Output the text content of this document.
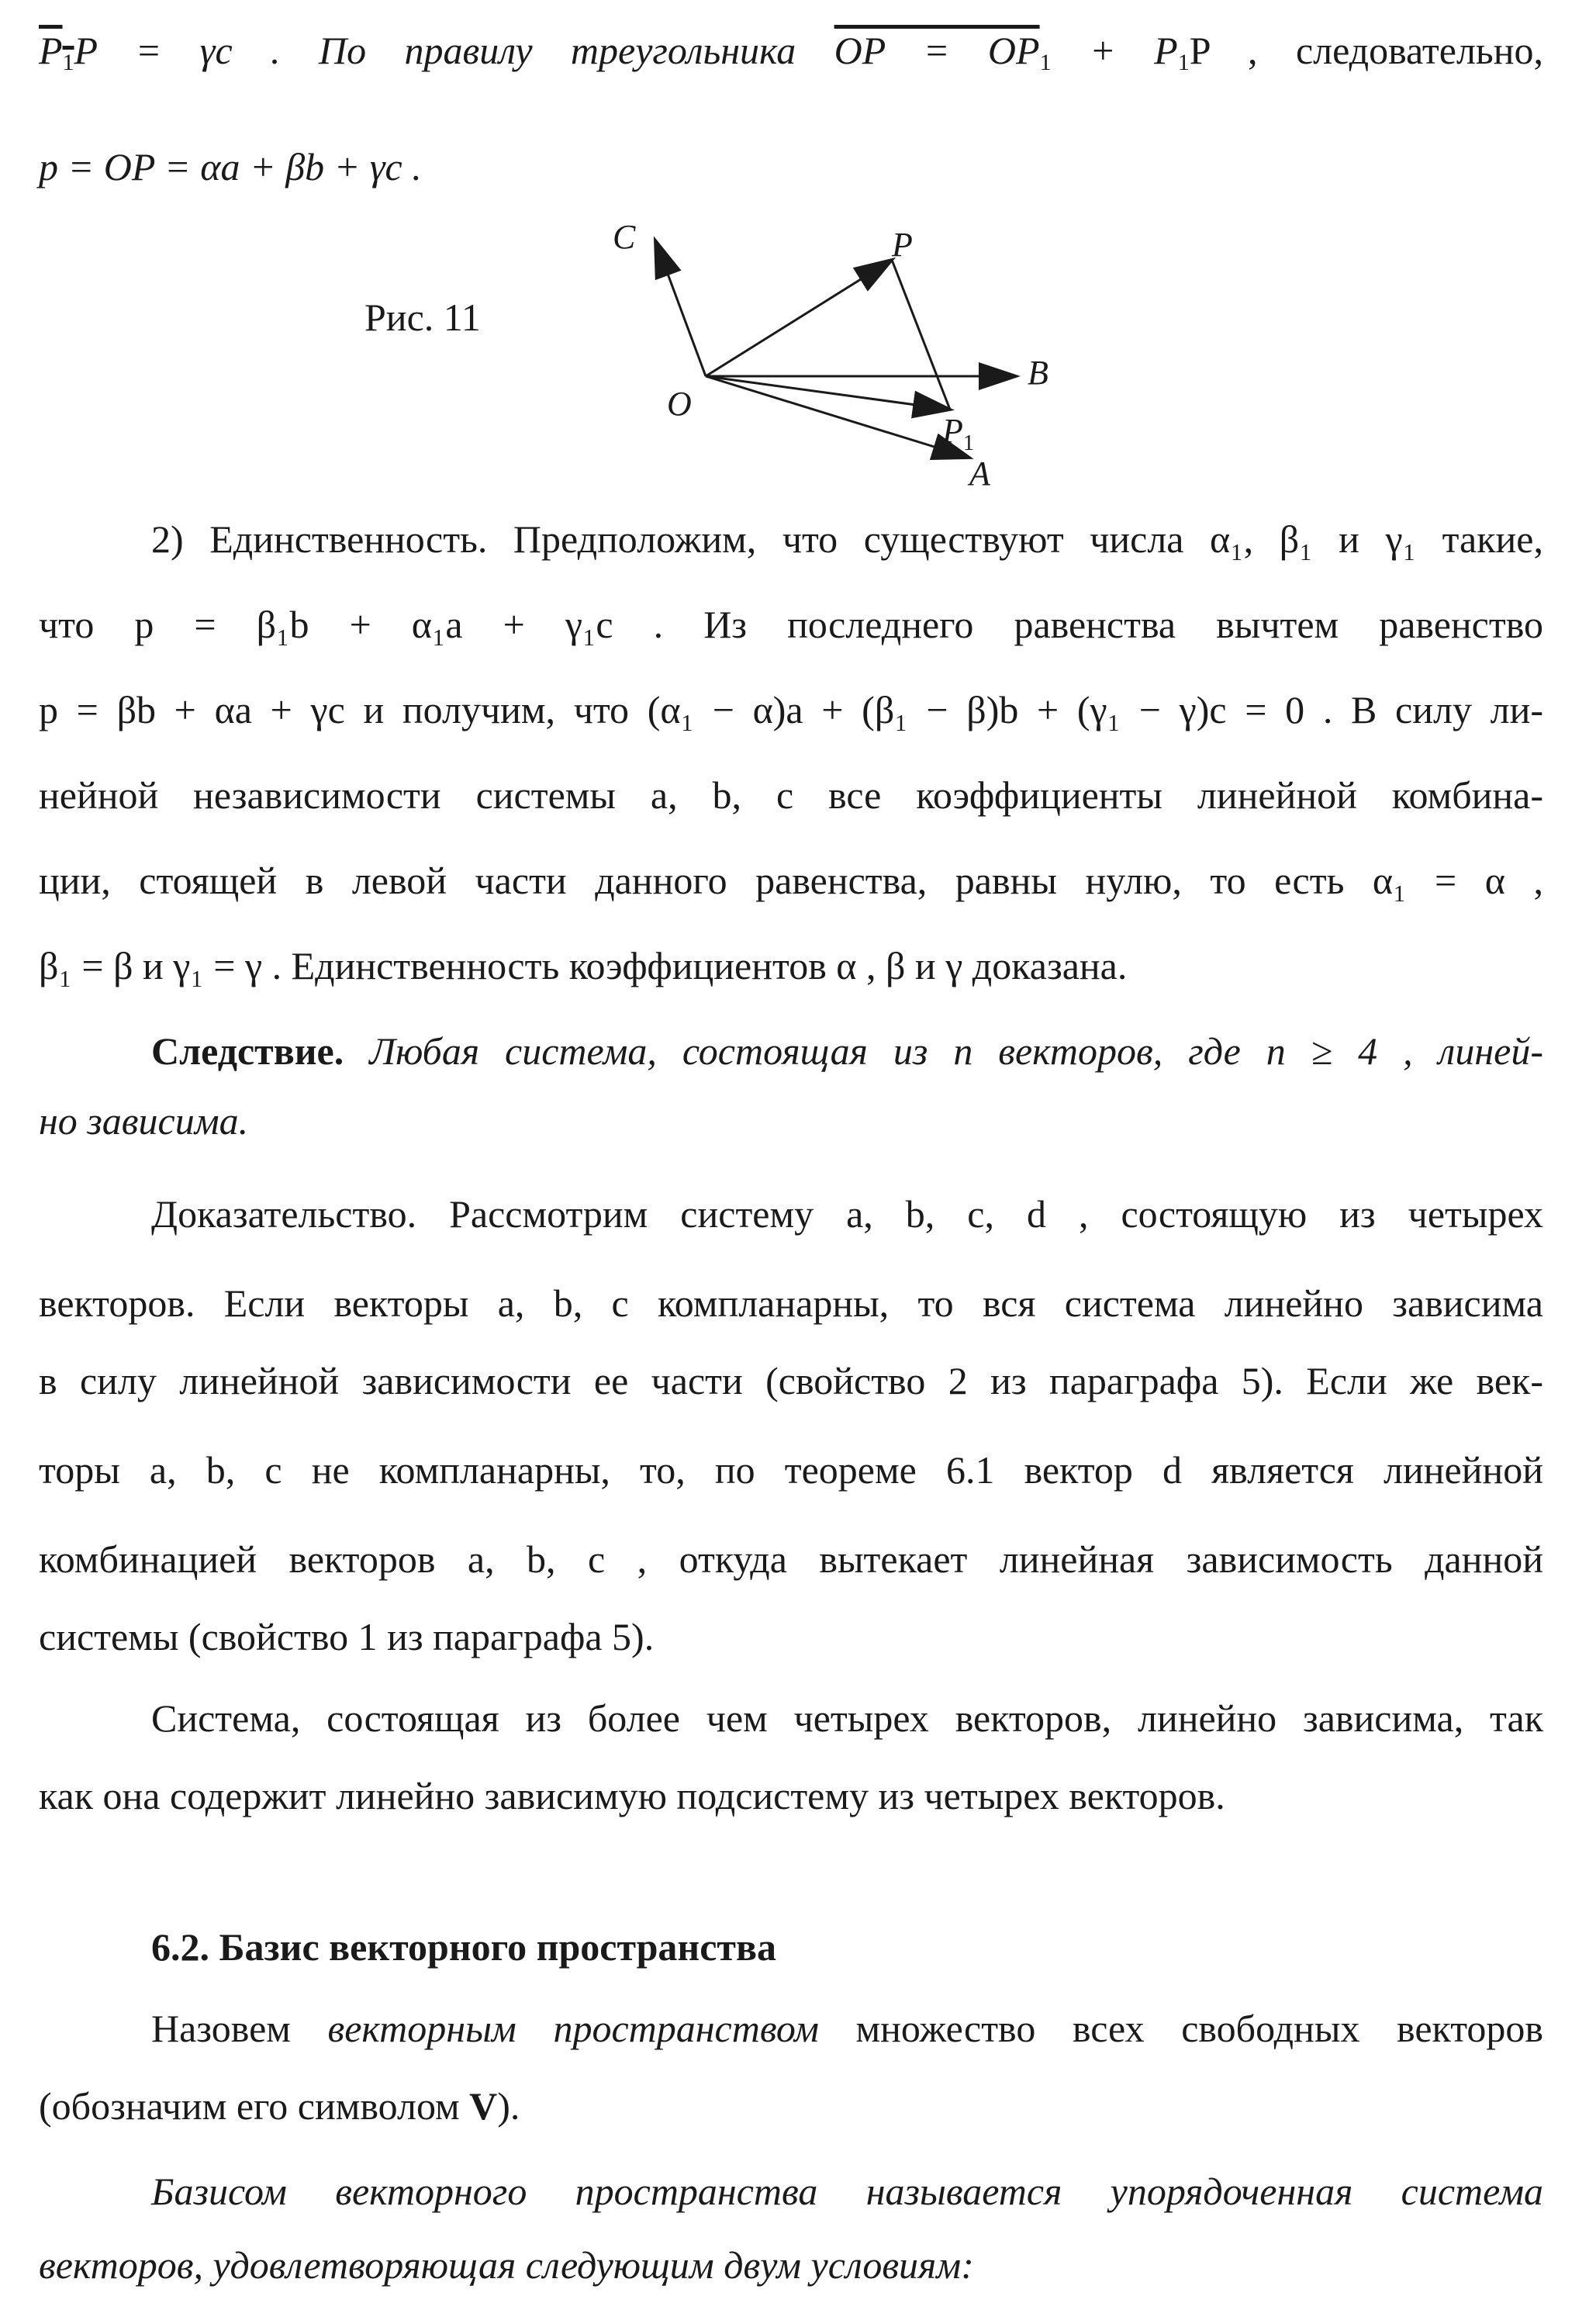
$P_1P = \gamma c$ . По правилу треугольника OP = $OP_1 + P_1P$ , следовательно,
p = OP = αa + βb + γc .
Рис. 11
C	P
O
B
P 1
A
2) Единственность. Предположим, что существуют числа α₁, β₁ и γ₁ такие,
что p = β₁b + α₁a + γ₁c . Из последнего равенства вычтем равенство
p = βb + αa + γc и получим, что (α₁ − α)a + (β₁ − β)b + (γ₁ − γ)c = 0 . В силу ли-
нейной независимости системы a, b, c все коэффициенты линейной комбина-
ции, стоящей в левой части данного равенства, равны нулю, то есть α₁ = α ,
β₁ = β и γ₁ = γ . Единственность коэффициентов α , β и γ доказана.
Следствие. Любая система, состоящая из n векторов, где n ≥ 4 , линей-
но зависима.
Доказательство. Рассмотрим систему a, b, c, d , состоящую из четырех
векторов. Если векторы a, b, c компланарны, то вся система линейно зависима
в силу линейной зависимости ее части (свойство 2 из параграфа 5). Если же век-
торы a, b, c не компланарны, то, по теореме 6.1 вектор d является линейной
комбинацией векторов a, b, c , откуда вытекает линейная зависимость данной
системы (свойство 1 из параграфа 5).
Система, состоящая из более чем четырех векторов, линейно зависима, так
как она содержит линейно зависимую подсистему из четырех векторов.
6.2. Базис векторного пространства
Назовем векторным пространством множество всех свободных векторов
(обозначим его символом V).
Базисом векторного пространства называется упорядоченная система
векторов, удовлетворяющая следующим двум условиям:
